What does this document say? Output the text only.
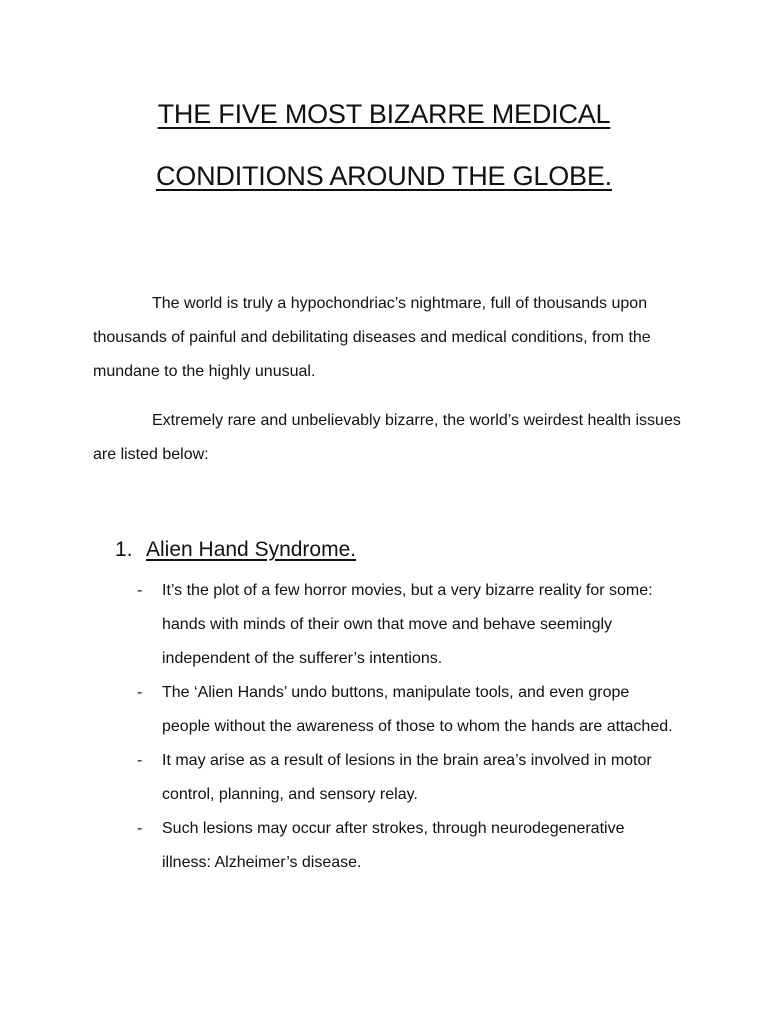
THE FIVE MOST BIZARRE MEDICAL
CONDITIONS AROUND THE GLOBE.

The world is truly a hypochondriac’s nightmare, full of thousands upon thousands of painful and debilitating diseases and medical conditions, from the mundane to the highly unusual.

Extremely rare and unbelievably bizarre, the world’s weirdest health issues are listed below:

1. Alien Hand Syndrome.
- It’s the plot of a few horror movies, but a very bizarre reality for some: hands with minds of their own that move and behave seemingly independent of the sufferer’s intentions.
- The ‘Alien Hands’ undo buttons, manipulate tools, and even grope people without the awareness of those to whom the hands are attached.
- It may arise as a result of lesions in the brain area’s involved in motor control, planning, and sensory relay.
- Such lesions may occur after strokes, through neurodegenerative illness: Alzheimer’s disease.
